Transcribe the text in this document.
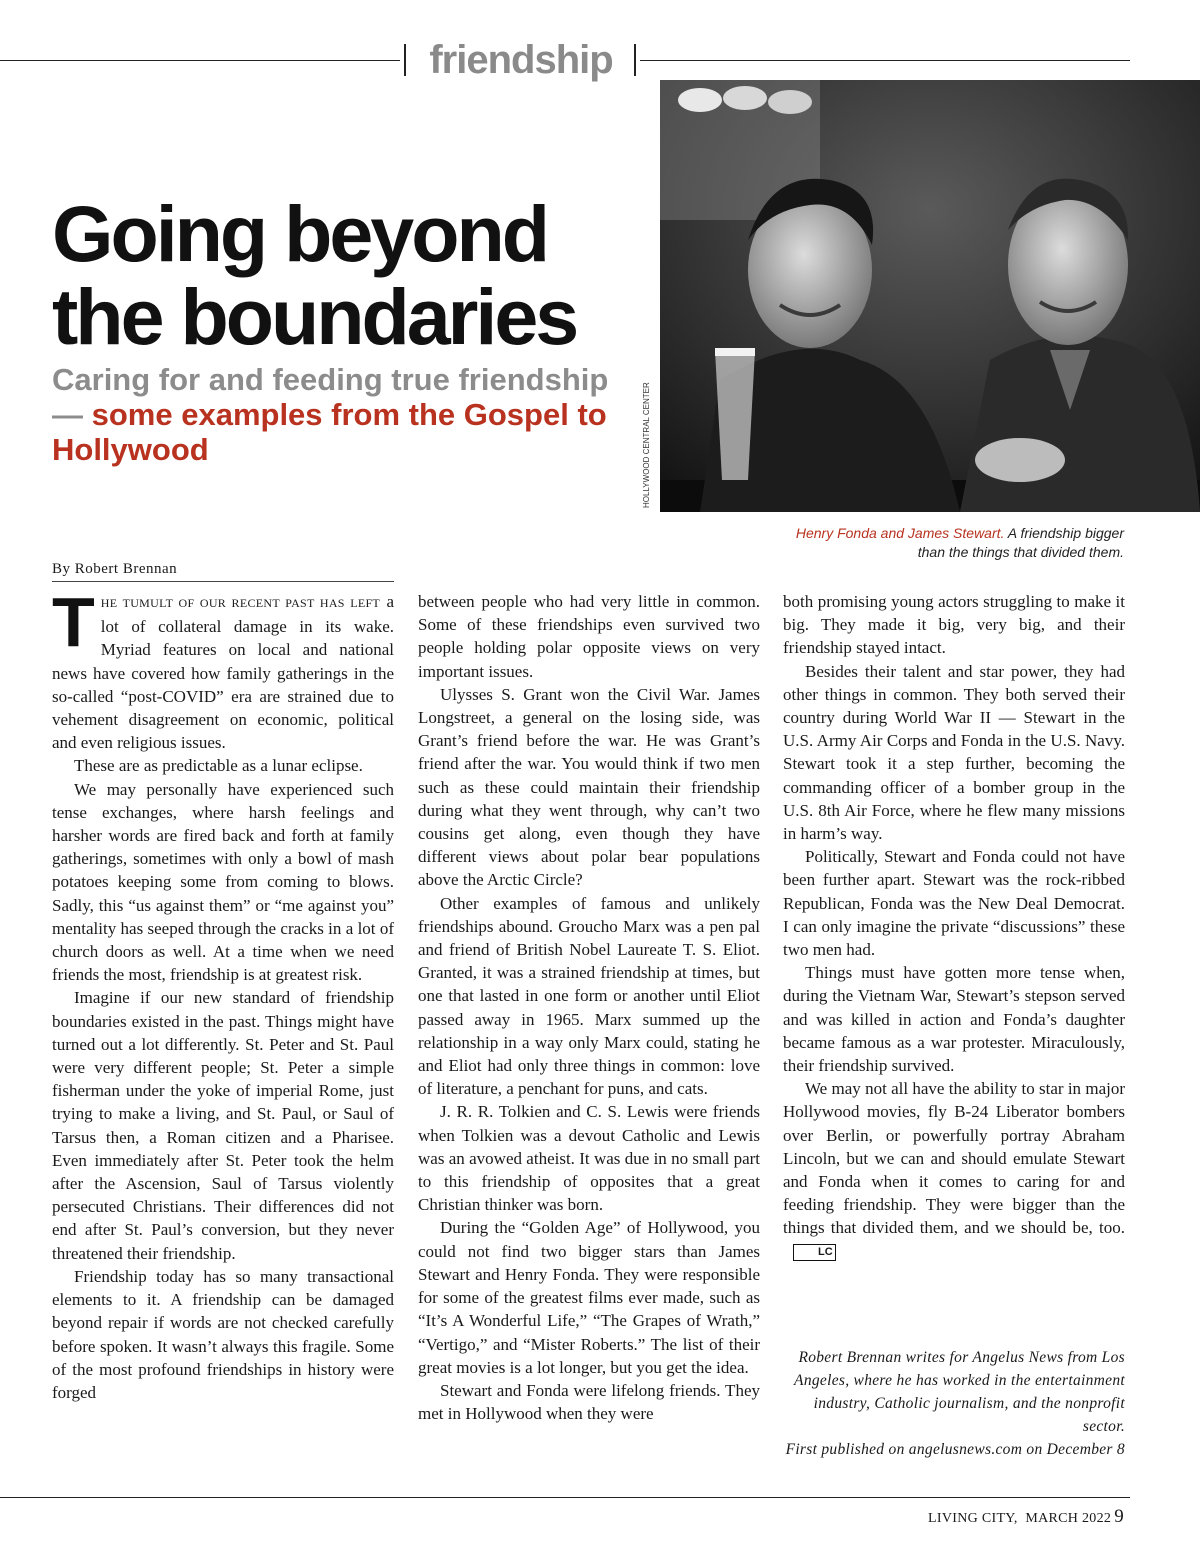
friendship
Going beyond
the boundaries
Caring for and feeding true friendship — some examples from the Gospel to Hollywood	HOLLYWOOD CENTRAL CENTER
Henry Fonda and James Stewart. A friendship bigger than the things that divided them.
By Robert Brennan

THE TUMULT OF OUR RECENT PAST HAS LEFT a lot of collateral damage in its wake. Myriad features on local and national news have covered how family gatherings in the so-called “post-COVID” era are strained due to vehement disagreement on economic, political and even religious issues.

These are as predictable as a lunar eclipse.

We may personally have experienced such tense exchanges, where harsh feelings and harsher words are fired back and forth at family gatherings, sometimes with only a bowl of mash potatoes keeping some from coming to blows. Sadly, this “us against them” or “me against you” mentality has seeped through the cracks in a lot of church doors as well. At a time when we need friends the most, friendship is at greatest risk.

Imagine if our new standard of friendship boundaries existed in the past. Things might have turned out a lot differently. St. Peter and St. Paul were very different people; St. Peter a simple fisherman under the yoke of imperial Rome, just trying to make a living, and St. Paul, or Saul of Tarsus then, a Roman citizen and a Pharisee. Even immediately after St. Peter took the helm after the Ascension, Saul of Tarsus violently persecuted Christians. Their differences did not end after St. Paul’s conversion, but they never threatened their friendship.

Friendship today has so many transactional elements to it. A friendship can be damaged beyond repair if words are not checked carefully before spoken. It wasn’t always this fragile. Some of the most profound friendships in history were forged

between people who had very little in common. Some of these friendships even survived two people holding polar opposite views on very important issues.

Ulysses S. Grant won the Civil War. James Longstreet, a general on the losing side, was Grant’s friend before the war. He was Grant’s friend after the war. You would think if two men such as these could maintain their friendship during what they went through, why can’t two cousins get along, even though they have different views about polar bear populations above the Arctic Circle?

Other examples of famous and unlikely friendships abound. Groucho Marx was a pen pal and friend of British Nobel Laureate T. S. Eliot. Granted, it was a strained friendship at times, but one that lasted in one form or another until Eliot passed away in 1965. Marx summed up the relationship in a way only Marx could, stating he and Eliot had only three things in common: love of literature, a penchant for puns, and cats.

J. R. R. Tolkien and C. S. Lewis were friends when Tolkien was a devout Catholic and Lewis was an avowed atheist. It was due in no small part to this friendship of opposites that a great Christian thinker was born.

During the “Golden Age” of Hollywood, you could not find two bigger stars than James Stewart and Henry Fonda. They were responsible for some of the greatest films ever made, such as “It’s A Wonderful Life,” “The Grapes of Wrath,” “Vertigo,” and “Mister Roberts.” The list of their great movies is a lot longer, but you get the idea.

Stewart and Fonda were lifelong friends. They met in Hollywood when they were

both promising young actors struggling to make it big. They made it big, very big, and their friendship stayed intact.

Besides their talent and star power, they had other things in common. They both served their country during World War II — Stewart in the U.S. Army Air Corps and Fonda in the U.S. Navy. Stewart took it a step further, becoming the commanding officer of a bomber group in the U.S. 8th Air Force, where he flew many missions in harm’s way.

Politically, Stewart and Fonda could not have been further apart. Stewart was the rock-ribbed Republican, Fonda was the New Deal Democrat. I can only imagine the private “discussions” these two men had.

Things must have gotten more tense when, during the Vietnam War, Stewart’s stepson served and was killed in action and Fonda’s daughter became famous as a war protester. Miraculously, their friendship survived.

We may not all have the ability to star in major Hollywood movies, fly B-24 Liberator bombers over Berlin, or powerfully portray Abraham Lincoln, but we can and should emulate Stewart and Fonda when it comes to caring for and feeding friendship. They were bigger than the things that divided them, and we should be, too.LC

Robert Brennan writes for Angelus News from Los Angeles, where he has worked in the entertainment industry, Catholic journalism, and the nonprofit sector.

First published on angelusnews.com on December 8

LIVING CITY, MARCH 2022 9
